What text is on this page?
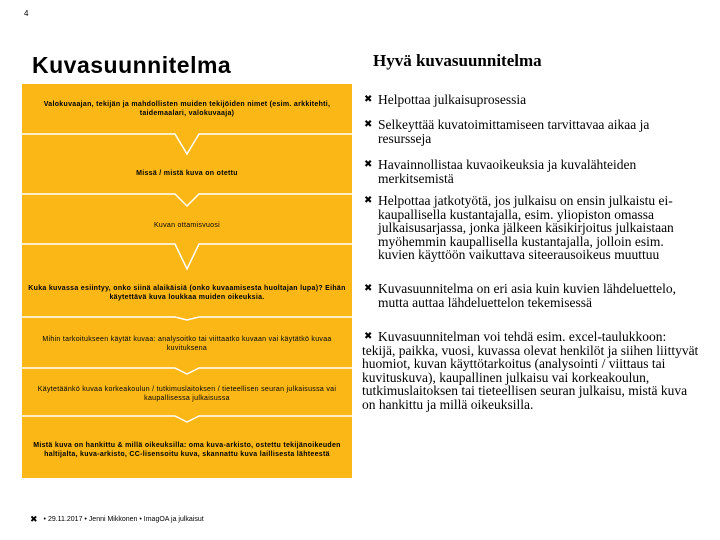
4
Kuvasuunnitelma
Valokuvaajan, tekijän ja mahdollisten muiden tekijöiden nimet (esim. arkkitehti, taidemaalari, valokuvaaja)
Missä / mistä kuva on otettu
Kuvan ottamisvuosi
Kuka kuvassa esiintyy, onko siinä alaikäisiä (onko kuvaamisesta huoltajan lupa)? Eihän käytettävä kuva loukkaa muiden oikeuksia.
Mihin tarkoitukseen käytät kuvaa: analysoitko tai viittaatko kuvaan vai käytätkö kuvaa kuvituksena
Käytetäänkö kuvaa korkeakoulun / tutkimuslaitoksen / tieteellisen seuran julkaisussa vai kaupallisessa julkaisussa
Mistä kuva on hankittu & millä oikeuksilla: oma kuva-arkisto, ostettu tekijänoikeuden haltijalta, kuva-arkisto, CC-lisensoitu kuva, skannattu kuva laillisesta lähteestä
✖ • 29.11.2017 • Jenni Mikkonen • ImagOA ja julkaisut
Hyvä kuvasuunnitelma
✖ Helpottaa julkaisuprosessia
✖ Selkeyttää kuvatoimittamiseen tarvittavaa aikaa ja resursseja
✖ Havainnollistaa kuvaoikeuksia ja kuvalähteiden merkitsemistä
✖ Helpottaa jatkotyötä, jos julkaisu on ensin julkaistu ei-kaupallisella kustantajalla, esim. yliopiston omassa julkaisusarjassa, jonka jälkeen käsikirjoitus julkaistaan myöhemmin kaupallisella kustantajalla, jolloin esim. kuvien käyttöön vaikuttava siteerausoikeus muuttuu
✖ Kuvasuunnitelma on eri asia kuin kuvien lähdeluettelo, mutta auttaa lähdeluettelon tekemisessä
✖ Kuvasuunnitelman voi tehdä esim. excel-taulukkoon:
tekijä, paikka, vuosi, kuvassa olevat henkilöt ja siihen liittyvät huomiot, kuvan käyttötarkoitus (analysointi / viittaus tai kuvituskuva), kaupallinen julkaisu vai korkeakoulun, tutkimuslaitoksen tai tieteellisen seuran julkaisu, mistä kuva on hankittu ja millä oikeuksilla.
